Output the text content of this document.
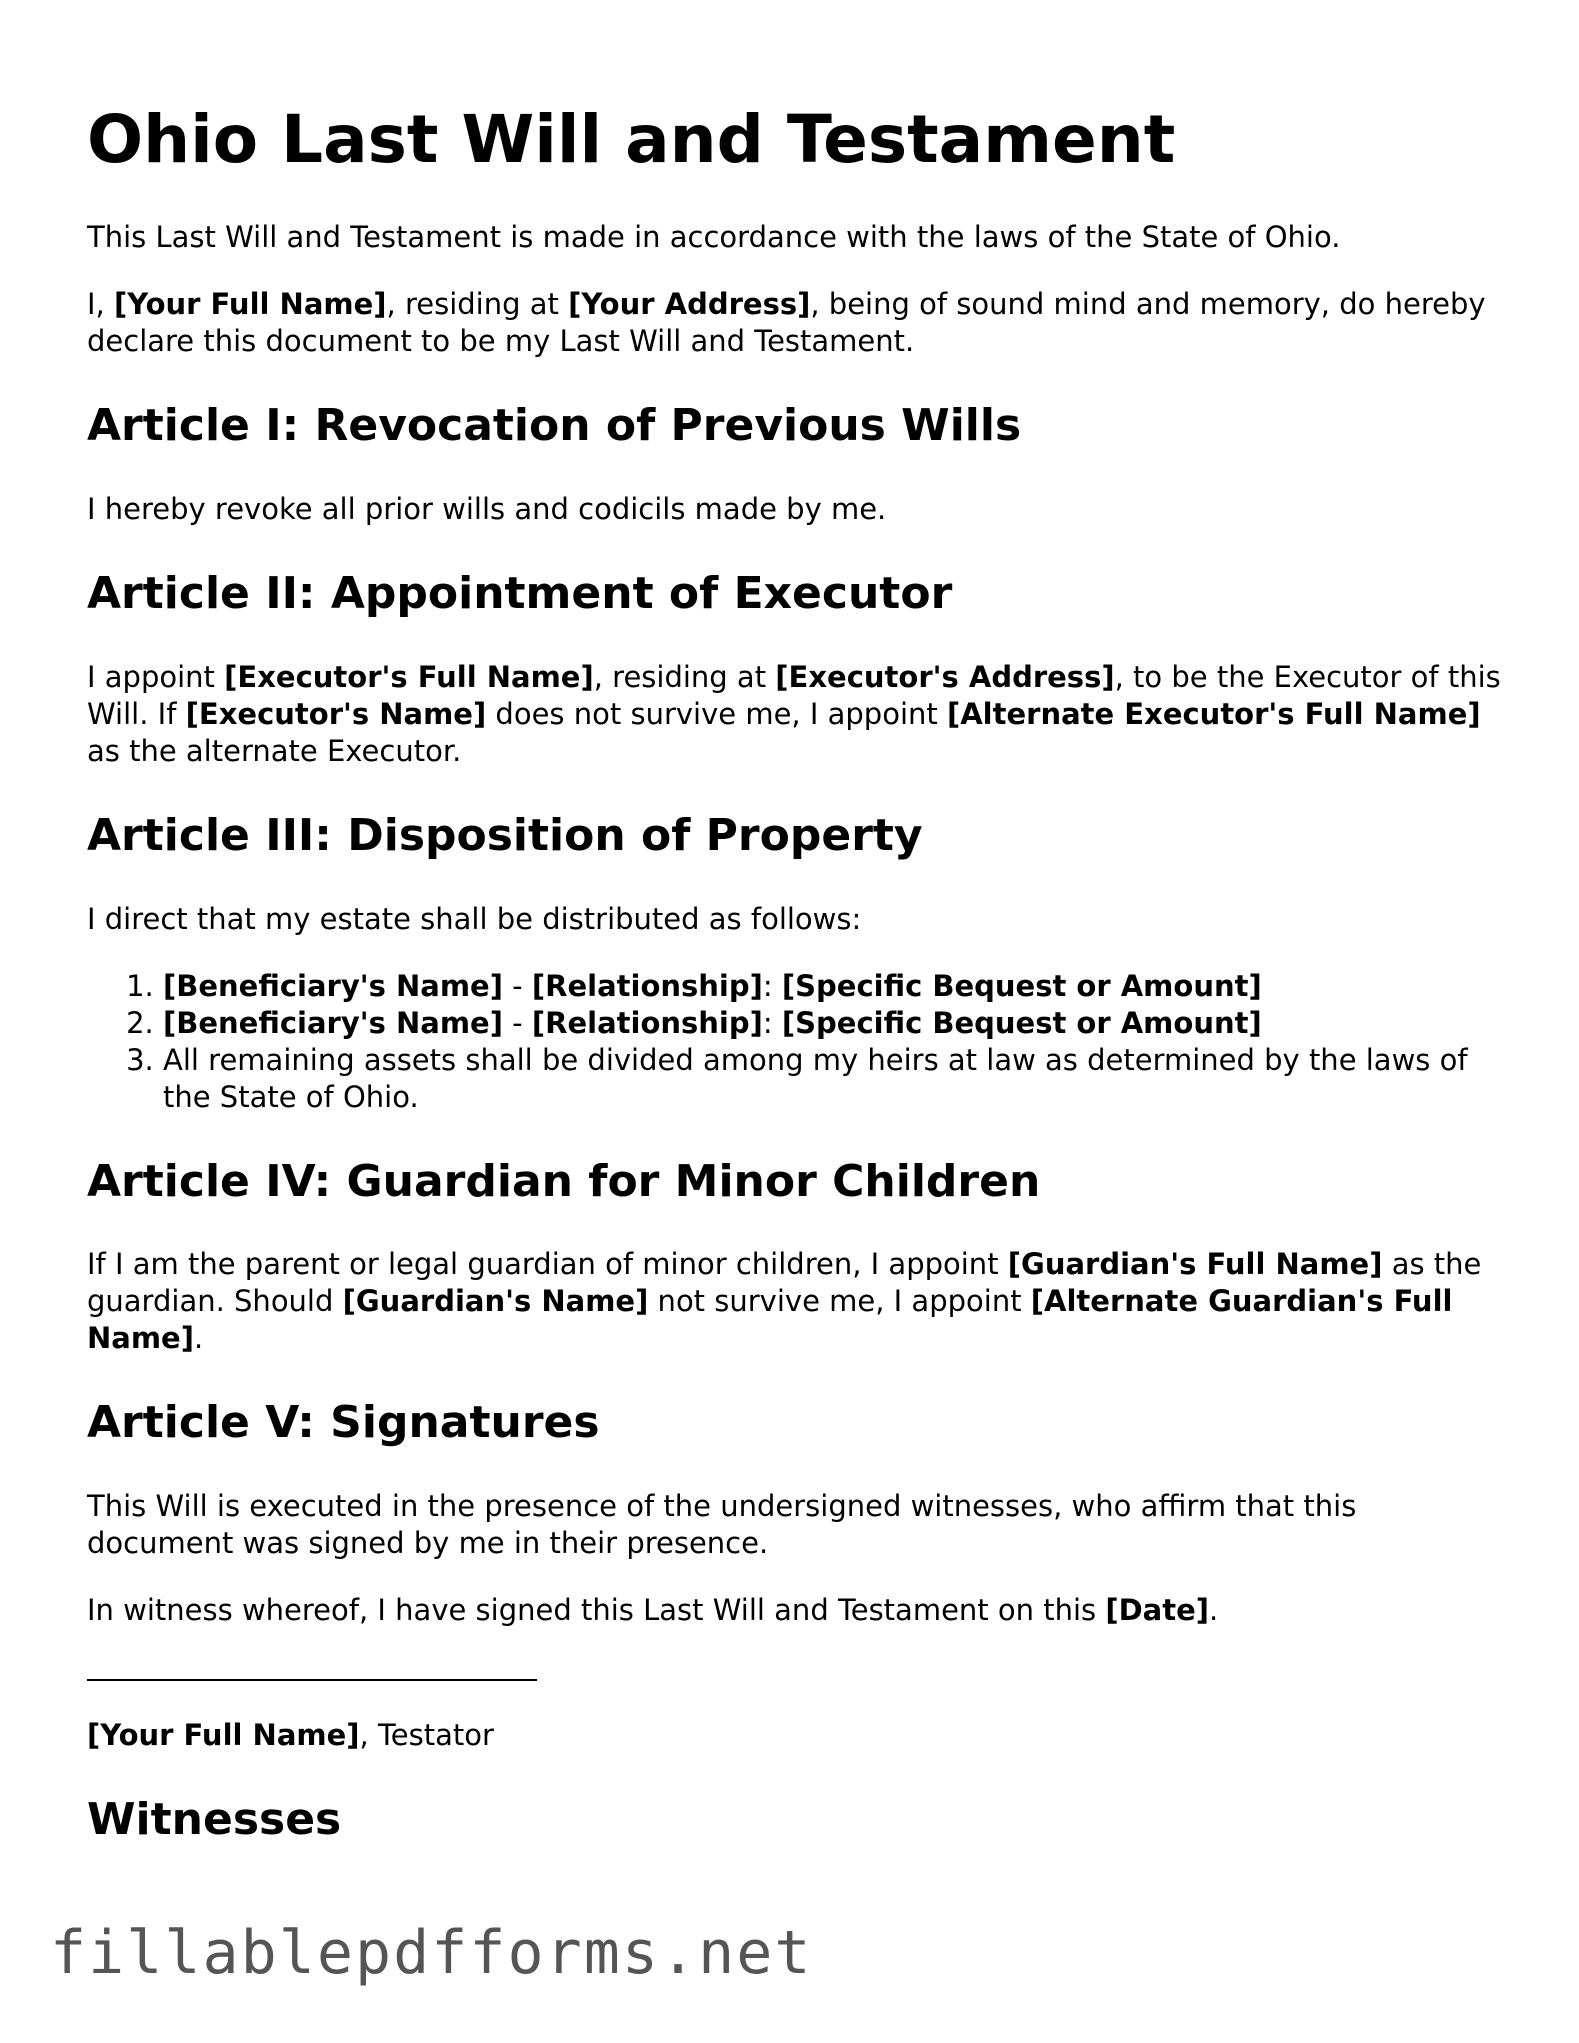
Ohio Last Will and Testament

This Last Will and Testament is made in accordance with the laws of the State of Ohio.

I, [Your Full Name], residing at [Your Address], being of sound mind and memory, do hereby declare this document to be my Last Will and Testament.

Article I: Revocation of Previous Wills

I hereby revoke all prior wills and codicils made by me.

Article II: Appointment of Executor

I appoint [Executor's Full Name], residing at [Executor's Address], to be the Executor of this Will. If [Executor's Name] does not survive me, I appoint [Alternate Executor's Full Name] as the alternate Executor.

Article III: Disposition of Property

I direct that my estate shall be distributed as follows:

1. [Beneficiary's Name] - [Relationship]: [Specific Bequest or Amount]
2. [Beneficiary's Name] - [Relationship]: [Specific Bequest or Amount]
3. All remaining assets shall be divided among my heirs at law as determined by the laws of the State of Ohio.
Article IV: Guardian for Minor Children

If I am the parent or legal guardian of minor children, I appoint [Guardian's Full Name] as the guardian. Should [Guardian's Name] not survive me, I appoint [Alternate Guardian's Full Name].

Article V: Signatures

This Will is executed in the presence of the undersigned witnesses, who affirm that this document was signed by me in their presence.

In witness whereof, I have signed this Last Will and Testament on this [Date].

[Your Full Name], Testator

Witnesses
fillablepdfforms.net
